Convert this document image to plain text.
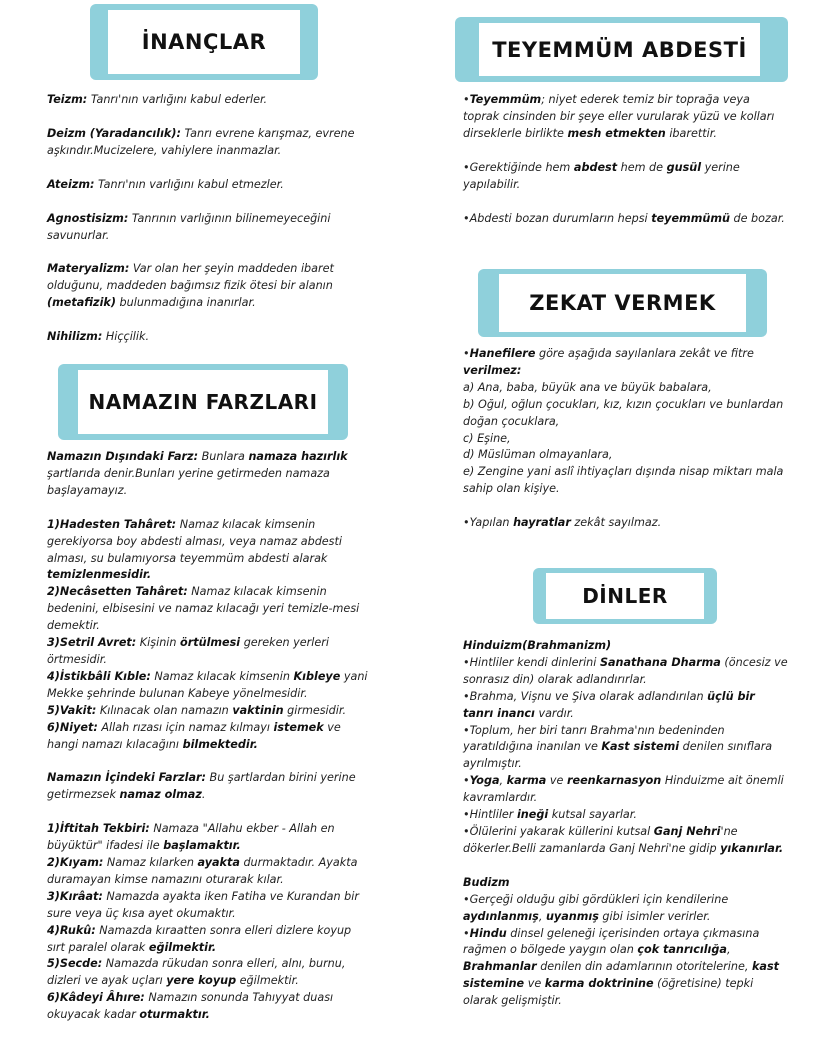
İNANÇLAR	TEYEMMÜM ABDESTİ
NAMAZIN FARZLARI
ZEKAT VERMEK
DİNLER

Teizm: Tanrı'nın varlığını kabul ederler.

Deizm (Yaradancılık): Tanrı evrene karışmaz, evrene aşkındır.Mucizelere, vahiylere inanmazlar.

Ateizm: Tanrı'nın varlığını kabul etmezler.

Agnostisizm: Tanrının varlığının bilinemeyeceğini savunurlar.

Materyalizm: Var olan her şeyin maddeden ibaret olduğunu, maddeden bağımsız fizik ötesi bir alanın (metafizik) bulunmadığına inanırlar.

Nihilizm: Hiççilik.

Namazın Dışındaki Farz: Bunlara namaza hazırlık şartlarıda denir.Bunları yerine getirmeden namaza başlayamayız.

1)Hadesten Tahâret: Namaz kılacak kimsenin gerekiyorsa boy abdesti alması, veya namaz abdesti alması, su bulamıyorsa teyemmüm abdesti alarak temizlenmesidir.

2)Necâsetten Tahâret: Namaz kılacak kimsenin bedenini, elbisesini ve namaz kılacağı yeri temizle-mesi demektir.

3)Setril Avret: Kişinin örtülmesi gereken yerleri örtmesidir.

4)İstikbâli Kıble: Namaz kılacak kimsenin Kıbleye yani Mekke şehrinde bulunan Kabeye yönelmesidir.

5)Vakit: Kılınacak olan namazın vaktinin girmesidir.

6)Niyet: Allah rızası için namaz kılmayı istemek ve hangi namazı kılacağını bilmektedir.

Namazın İçindeki Farzlar: Bu şartlardan birini yerine getirmezsek namaz olmaz.

1)İftitah Tekbiri: Namaza "Allahu ekber - Allah en büyüktür" ifadesi ile başlamaktır.

2)Kıyam: Namaz kılarken ayakta durmaktadır. Ayakta duramayan kimse namazını oturarak kılar.

3)Kırâat: Namazda ayakta iken Fatiha ve Kurandan bir sure veya üç kısa ayet okumaktır.

4)Rukû: Namazda kıraatten sonra elleri dizlere koyup sırt paralel olarak eğilmektir.

5)Secde: Namazda rükudan sonra elleri, alnı, burnu, dizleri ve ayak uçları yere koyup eğilmektir.

6)Kâdeyi Âhıre: Namazın sonunda Tahıyyat duası okuyacak kadar oturmaktır.

•Teyemmüm; niyet ederek temiz bir toprağa veya toprak cinsinden bir şeye eller vurularak yüzü ve kolları dirseklerle birlikte mesh etmekten ibarettir.

•Gerektiğinde hem abdest hem de gusül yerine yapılabilir.

•Abdesti bozan durumların hepsi teyemmümü de bozar.

•Hanefilere göre aşağıda sayılanlara zekât ve fitre verilmez:

a) Ana, baba, büyük ana ve büyük babalara,

b) Oğul, oğlun çocukları, kız, kızın çocukları ve bunlardan doğan çocuklara,

c) Eşine,

d) Müslüman olmayanlara,

e) Zengine yani aslî ihtiyaçları dışında nisap miktarı mala sahip olan kişiye.

•Yapılan hayratlar zekât sayılmaz.

Hinduizm(Brahmanizm)

•Hintliler kendi dinlerini Sanathana Dharma (öncesiz ve sonrasız din) olarak adlandırırlar.

•Brahma, Vişnu ve Şiva olarak adlandırılan üçlü bir tanrı inancı vardır.

•Toplum, her biri tanrı Brahma'nın bedeninden yaratıldığına inanılan ve Kast sistemi denilen sınıflara ayrılmıştır.

•Yoga, karma ve reenkarnasyon Hinduizme ait önemli kavramlardır.

•Hintliler ineği kutsal sayarlar.

•Ölülerini yakarak küllerini kutsal Ganj Nehri'ne dökerler.Belli zamanlarda Ganj Nehri'ne gidip yıkanırlar.

Budizm

•Gerçeği olduğu gibi gördükleri için kendilerine aydınlanmış, uyanmış gibi isimler verirler.

•Hindu dinsel geleneği içerisinden ortaya çıkmasına rağmen o bölgede yaygın olan çok tanrıcılığa, Brahmanlar denilen din adamlarının otoritelerine, kast sistemine ve karma doktrinine (öğretisine) tepki olarak gelişmiştir.
